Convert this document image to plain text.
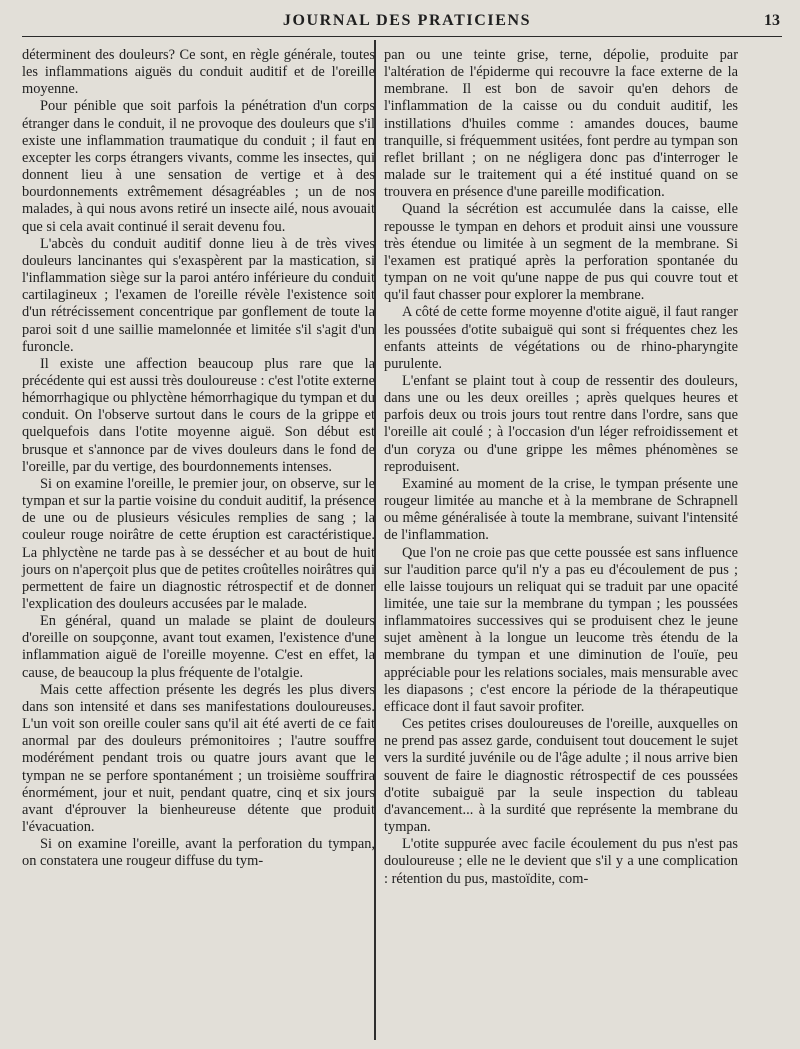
JOURNAL DES PRATICIENS	13

déterminent des douleurs? Ce sont, en règle générale, toutes les inflammations aiguës du conduit auditif et de l'oreille moyenne.

Pour pénible que soit parfois la pénétration d'un corps étranger dans le conduit, il ne provoque des douleurs que s'il existe une inflammation traumatique du conduit ; il faut en excepter les corps étrangers vivants, comme les insectes, qui donnent lieu à une sensation de vertige et à des bourdonnements extrêmement désagréables ; un de nos malades, à qui nous avons retiré un insecte ailé, nous avouait que si cela avait continué il serait devenu fou.

L'abcès du conduit auditif donne lieu à de très vives douleurs lancinantes qui s'exaspèrent par la mastication, si l'inflammation siège sur la paroi antéro inférieure du conduit cartilagineux ; l'examen de l'oreille révèle l'existence soit d'un rétrécissement concentrique par gonflement de toute la paroi soit d une saillie mamelonnée et limitée s'il s'agit d'un furoncle.

Il existe une affection beaucoup plus rare que la précédente qui est aussi très douloureuse : c'est l'otite externe hémorrhagique ou phlyctène hémorrhagique du tympan et du conduit. On l'observe surtout dans le cours de la grippe et quelquefois dans l'otite moyenne aiguë. Son début est brusque et s'annonce par de vives douleurs dans le fond de l'oreille, par du vertige, des bourdonnements intenses.

Si on examine l'oreille, le premier jour, on observe, sur le tympan et sur la partie voisine du conduit auditif, la présence de une ou de plusieurs vésicules remplies de sang ; la couleur rouge noirâtre de cette éruption est caractéristique. La phlyctène ne tarde pas à se dessécher et au bout de huit jours on n'aperçoit plus que de petites croûtelles noirâtres qui permettent de faire un diagnostic rétrospectif et de donner l'explication des douleurs accusées par le malade.

En général, quand un malade se plaint de douleurs d'oreille on soupçonne, avant tout examen, l'existence d'une inflammation aiguë de l'oreille moyenne. C'est en effet, la cause, de beaucoup la plus fréquente de l'otalgie.

Mais cette affection présente les degrés les plus divers dans son intensité et dans ses manifestations douloureuses. L'un voit son oreille couler sans qu'il ait été averti de ce fait anormal par des douleurs prémonitoires ; l'autre souffre modérément pendant trois ou quatre jours avant que le tympan ne se perfore spontanément ; un troisième souffrira énormément, jour et nuit, pendant quatre, cinq et six jours avant d'éprouver la bienheureuse détente que produit l'évacuation.

Si on examine l'oreille, avant la perforation du tympan, on constatera une rougeur diffuse du tym-

pan ou une teinte grise, terne, dépolie, produite par l'altération de l'épiderme qui recouvre la face externe de la membrane. Il est bon de savoir qu'en dehors de l'inflammation de la caisse ou du conduit auditif, les instillations d'huiles comme : amandes douces, baume tranquille, si fréquemment usitées, font perdre au tympan son reflet brillant ; on ne négligera donc pas d'interroger le malade sur le traitement qui a été institué quand on se trouvera en présence d'une pareille modification.

Quand la sécrétion est accumulée dans la caisse, elle repousse le tympan en dehors et produit ainsi une voussure très étendue ou limitée à un segment de la membrane. Si l'examen est pratiqué après la perforation spontanée du tympan on ne voit qu'une nappe de pus qui couvre tout et qu'il faut chasser pour explorer la membrane.

A côté de cette forme moyenne d'otite aiguë, il faut ranger les poussées d'otite subaiguë qui sont si fréquentes chez les enfants atteints de végétations ou de rhino-pharyngite purulente.

L'enfant se plaint tout à coup de ressentir des douleurs, dans une ou les deux oreilles ; après quelques heures et parfois deux ou trois jours tout rentre dans l'ordre, sans que l'oreille ait coulé ; à l'occasion d'un léger refroidissement et d'un coryza ou d'une grippe les mêmes phénomènes se reproduisent.

Examiné au moment de la crise, le tympan présente une rougeur limitée au manche et à la membrane de Schrapnell ou même généralisée à toute la membrane, suivant l'intensité de l'inflammation.

Que l'on ne croie pas que cette poussée est sans influence sur l'audition parce qu'il n'y a pas eu d'écoulement de pus ; elle laisse toujours un reliquat qui se traduit par une opacité limitée, une taie sur la membrane du tympan ; les poussées inflammatoires successives qui se produisent chez le jeune sujet amènent à la longue un leucome très étendu de la membrane du tympan et une diminution de l'ouïe, peu appréciable pour les relations sociales, mais mensurable avec les diapasons ; c'est encore la période de la thérapeutique efficace dont il faut savoir profiter.

Ces petites crises douloureuses de l'oreille, auxquelles on ne prend pas assez garde, conduisent tout doucement le sujet vers la surdité juvénile ou de l'âge adulte ; il nous arrive bien souvent de faire le diagnostic rétrospectif de ces poussées d'otite subaiguë par la seule inspection du tableau d'avancement... à la surdité que représente la membrane du tympan.

L'otite suppurée avec facile écoulement du pus n'est pas douloureuse ; elle ne le devient que s'il y a une complication : rétention du pus, mastoïdite, com-
